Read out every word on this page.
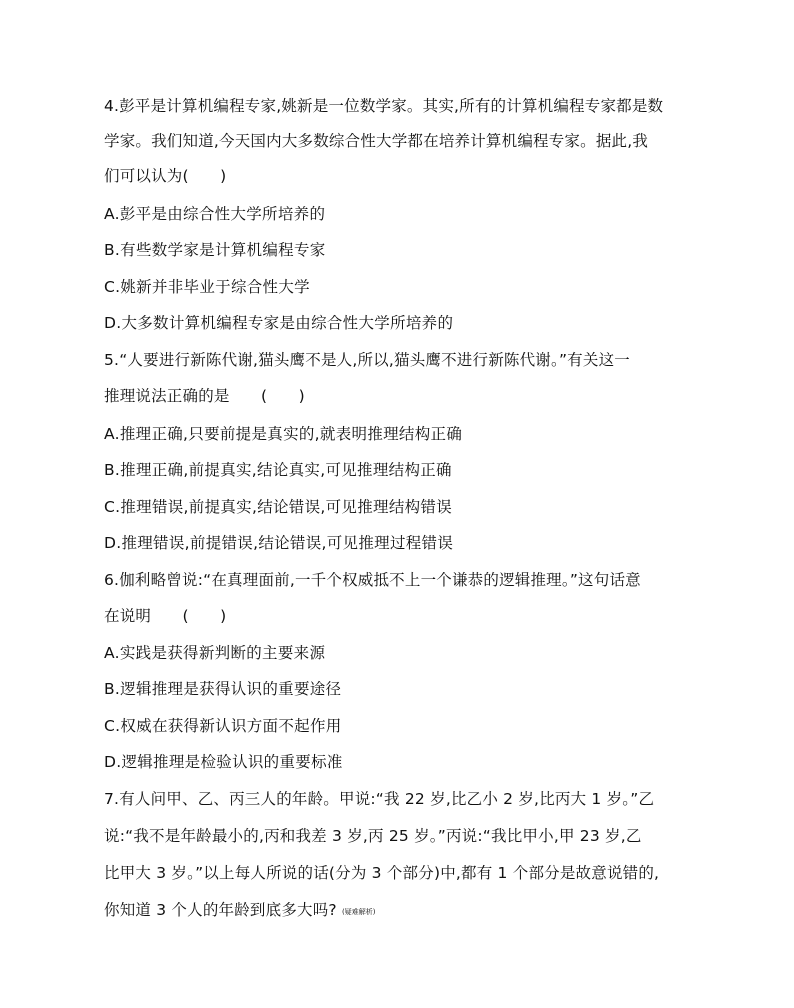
4.彭平是计算机编程专家,姚新是一位数学家。其实,所有的计算机编程专家都是数
学家。我们知道,今天国内大多数综合性大学都在培养计算机编程专家。据此,我
们可以认为(　　)
A.彭平是由综合性大学所培养的
B.有些数学家是计算机编程专家
C.姚新并非毕业于综合性大学
D.大多数计算机编程专家是由综合性大学所培养的
5.“人要进行新陈代谢,猫头鹰不是人,所以,猫头鹰不进行新陈代谢。”有关这一
推理说法正确的是　　(　　)
A.推理正确,只要前提是真实的,就表明推理结构正确
B.推理正确,前提真实,结论真实,可见推理结构正确
C.推理错误,前提真实,结论错误,可见推理结构错误
D.推理错误,前提错误,结论错误,可见推理过程错误
6.伽利略曾说:“在真理面前,一千个权威抵不上一个谦恭的逻辑推理。”这句话意
在说明　　(　　)
A.实践是获得新判断的主要来源
B.逻辑推理是获得认识的重要途径
C.权威在获得新认识方面不起作用
D.逻辑推理是检验认识的重要标准
7.有人问甲、乙、丙三人的年龄。甲说:“我 22 岁,比乙小 2 岁,比丙大 1 岁。”乙
说:“我不是年龄最小的,丙和我差 3 岁,丙 25 岁。”丙说:“我比甲小,甲 23 岁,乙
比甲大 3 岁。”以上每人所说的话(分为 3 个部分)中,都有 1 个部分是故意说错的,
你知道 3 个人的年龄到底多大吗? (疑难解析)
